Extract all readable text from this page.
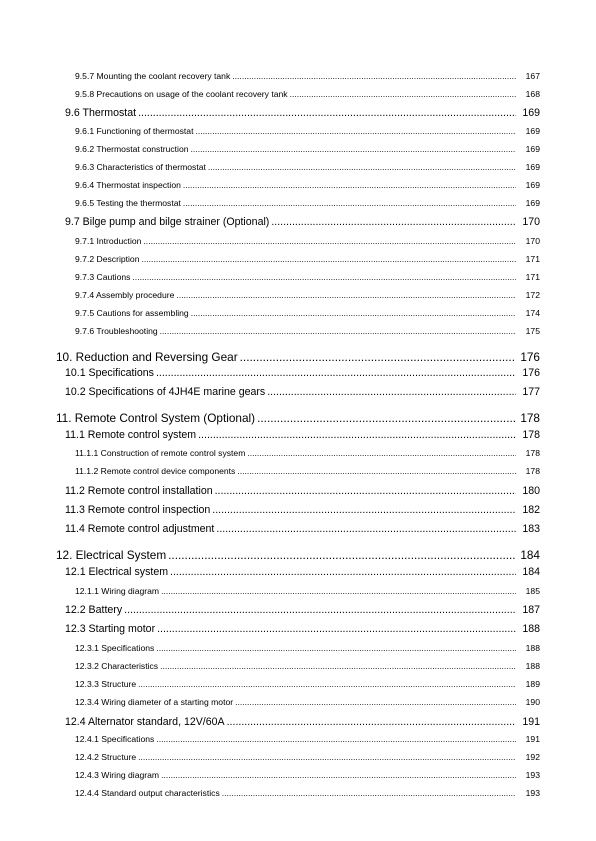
9.5.7 Mounting the coolant recovery tank .....	167
9.5.8 Precautions on usage of the coolant recovery tank .....	168
9.6 Thermostat .....	169
9.6.1 Functioning of thermostat .....	169
9.6.2 Thermostat construction .....	169
9.6.3 Characteristics of thermostat .....	169
9.6.4 Thermostat inspection .....	169
9.6.5 Testing the thermostat .....	169
9.7 Bilge pump and bilge strainer (Optional) .....	170
9.7.1 Introduction .....	170
9.7.2 Description .....	171
9.7.3 Cautions .....	171
9.7.4 Assembly procedure .....	172
9.7.5 Cautions for assembling .....	174
9.7.6 Troubleshooting .....	175
10. Reduction and Reversing Gear .....	176
10.1 Specifications .....	176
10.2 Specifications of 4JH4E marine gears .....	177
11. Remote Control System (Optional) .....	178
11.1 Remote control system .....	178
11.1.1 Construction of remote control system .....	178
11.1.2 Remote control device components .....	178
11.2 Remote control installation .....	180
11.3 Remote control inspection .....	182
11.4 Remote control adjustment .....	183
12. Electrical System .....	184
12.1 Electrical system .....	184
12.1.1 Wiring diagram .....	185
12.2 Battery .....	187
12.3 Starting motor .....	188
12.3.1 Specifications .....	188
12.3.2 Characteristics .....	188
12.3.3 Structure .....	189
12.3.4 Wiring diameter of a starting motor .....	190
12.4 Alternator standard, 12V/60A .....	191
12.4.1 Specifications .....	191
12.4.2 Structure .....	192
12.4.3 Wiring diagram .....	193
12.4.4 Standard output characteristics .....	193
